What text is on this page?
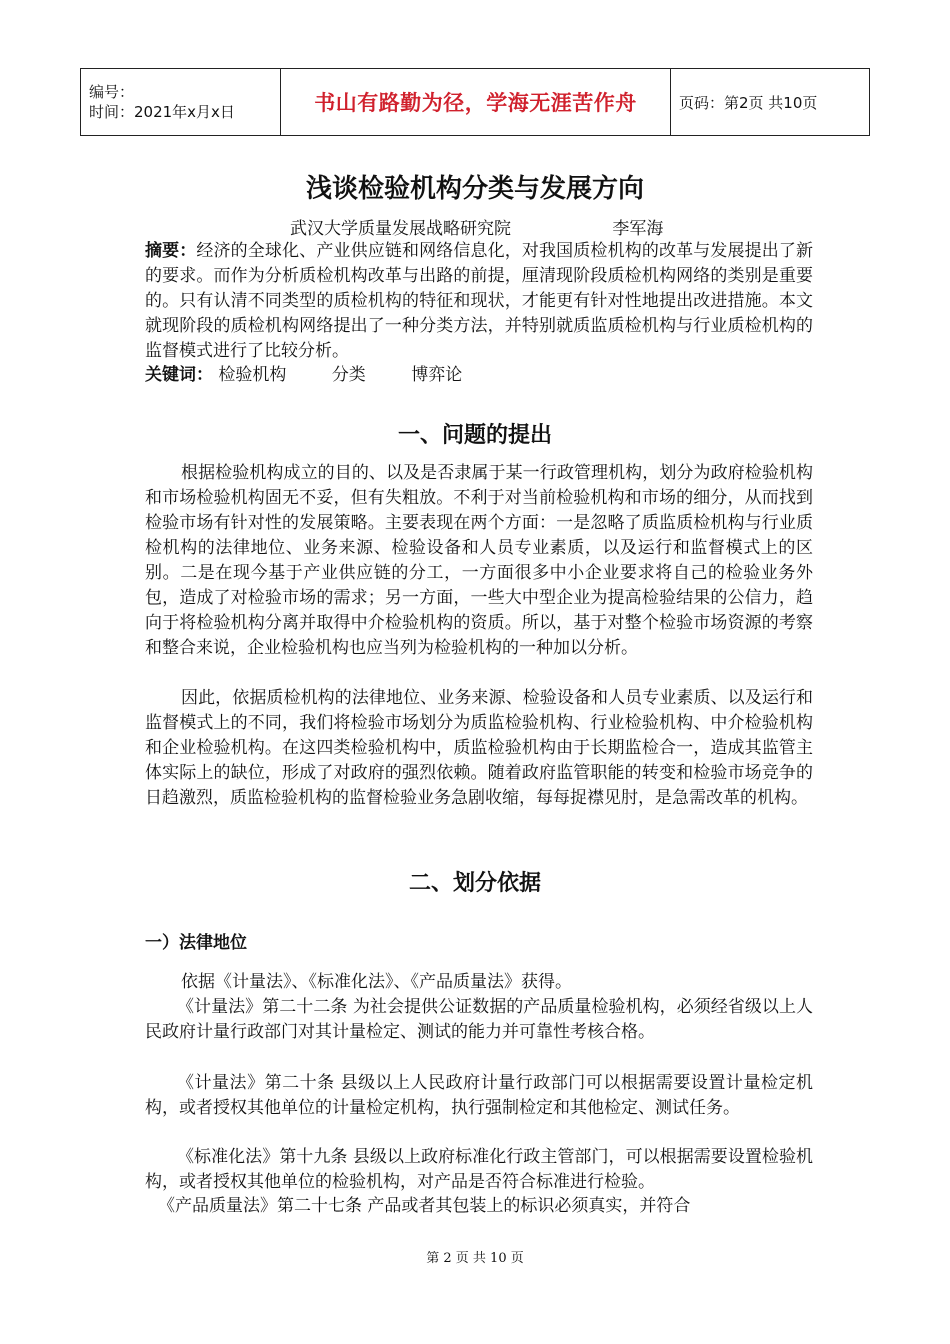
编号：
时间：2021年x月x日	书山有路勤为径，学海无涯苦作舟	页码：第2页 共10页
浅谈检验机构分类与发展方向
武汉大学质量发展战略研究院	李军海
摘要：经济的全球化、产业供应链和网络信息化，对我国质检机构的改革与发展提出了新的要求。而作为分析质检机构改革与出路的前提，厘清现阶段质检机构网络的类别是重要的。只有认清不同类型的质检机构的特征和现状，才能更有针对性地提出改进措施。本文就现阶段的质检机构网络提出了一种分类方法，并特别就质监质检机构与行业质检机构的监督模式进行了比较分析。
关键词： 检验机构	分类	博弈论
一、问题的提出
根据检验机构成立的目的、以及是否隶属于某一行政管理机构，划分为政府检验机构和市场检验机构固无不妥，但有失粗放。不利于对当前检验机构和市场的细分，从而找到检验市场有针对性的发展策略。主要表现在两个方面：一是忽略了质监质检机构与行业质检机构的法律地位、业务来源、检验设备和人员专业素质，以及运行和监督模式上的区别。二是在现今基于产业供应链的分工，一方面很多中小企业要求将自己的检验业务外包，造成了对检验市场的需求；另一方面，一些大中型企业为提高检验结果的公信力，趋向于将检验机构分离并取得中介检验机构的资质。所以，基于对整个检验市场资源的考察和整合来说，企业检验机构也应当列为检验机构的一种加以分析。
因此，依据质检机构的法律地位、业务来源、检验设备和人员专业素质、以及运行和监督模式上的不同，我们将检验市场划分为质监检验机构、行业检验机构、中介检验机构和企业检验机构。在这四类检验机构中，质监检验机构由于长期监检合一，造成其监管主体实际上的缺位，形成了对政府的强烈依赖。随着政府监管职能的转变和检验市场竞争的日趋激烈，质监检验机构的监督检验业务急剧收缩，每每捉襟见肘，是急需改革的机构。
二、划分依据
一）法律地位
依据《计量法》、《标准化法》、《产品质量法》获得。
《计量法》第二十二条 为社会提供公证数据的产品质量检验机构，必须经省级以上人民政府计量行政部门对其计量检定、测试的能力并可靠性考核合格。
《计量法》第二十条 县级以上人民政府计量行政部门可以根据需要设置计量检定机构，或者授权其他单位的计量检定机构，执行强制检定和其他检定、测试任务。
《标准化法》第十九条 县级以上政府标准化行政主管部门，可以根据需要设置检验机构，或者授权其他单位的检验机构，对产品是否符合标准进行检验。
《产品质量法》第二十七条 产品或者其包装上的标识必须真实，并符合
第 2 页 共 10 页
